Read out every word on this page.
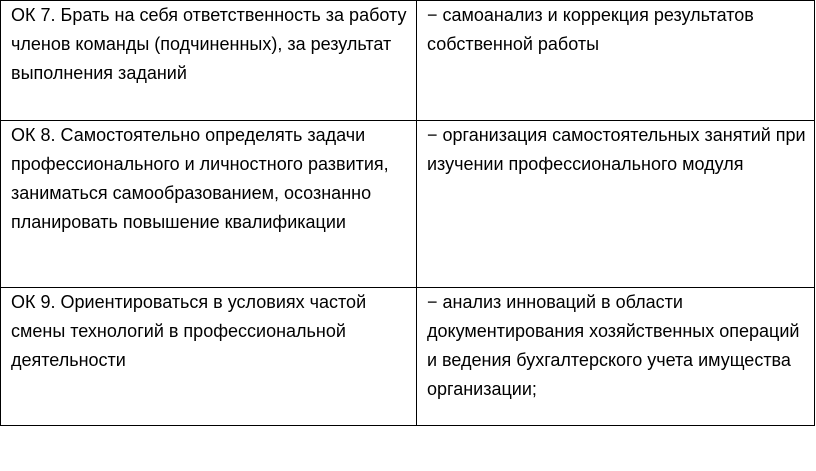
ОК 7. Брать на себя ответственность за работу членов команды (подчиненных), за результат выполнения заданий	− самоанализ и коррекция результатов собственной работы

ОК 8. Самостоятельно определять задачи профессионального и личностного развития, заниматься самообразованием, осознанно планировать повышение квалификации	− организация самостоятельных занятий при изучении профессионального модуля

ОК 9. Ориентироваться в условиях частой смены технологий в профессиональной деятельности	− анализ инноваций в области документирования хозяйственных операций и ведения бухгалтерского учета имущества организации;
